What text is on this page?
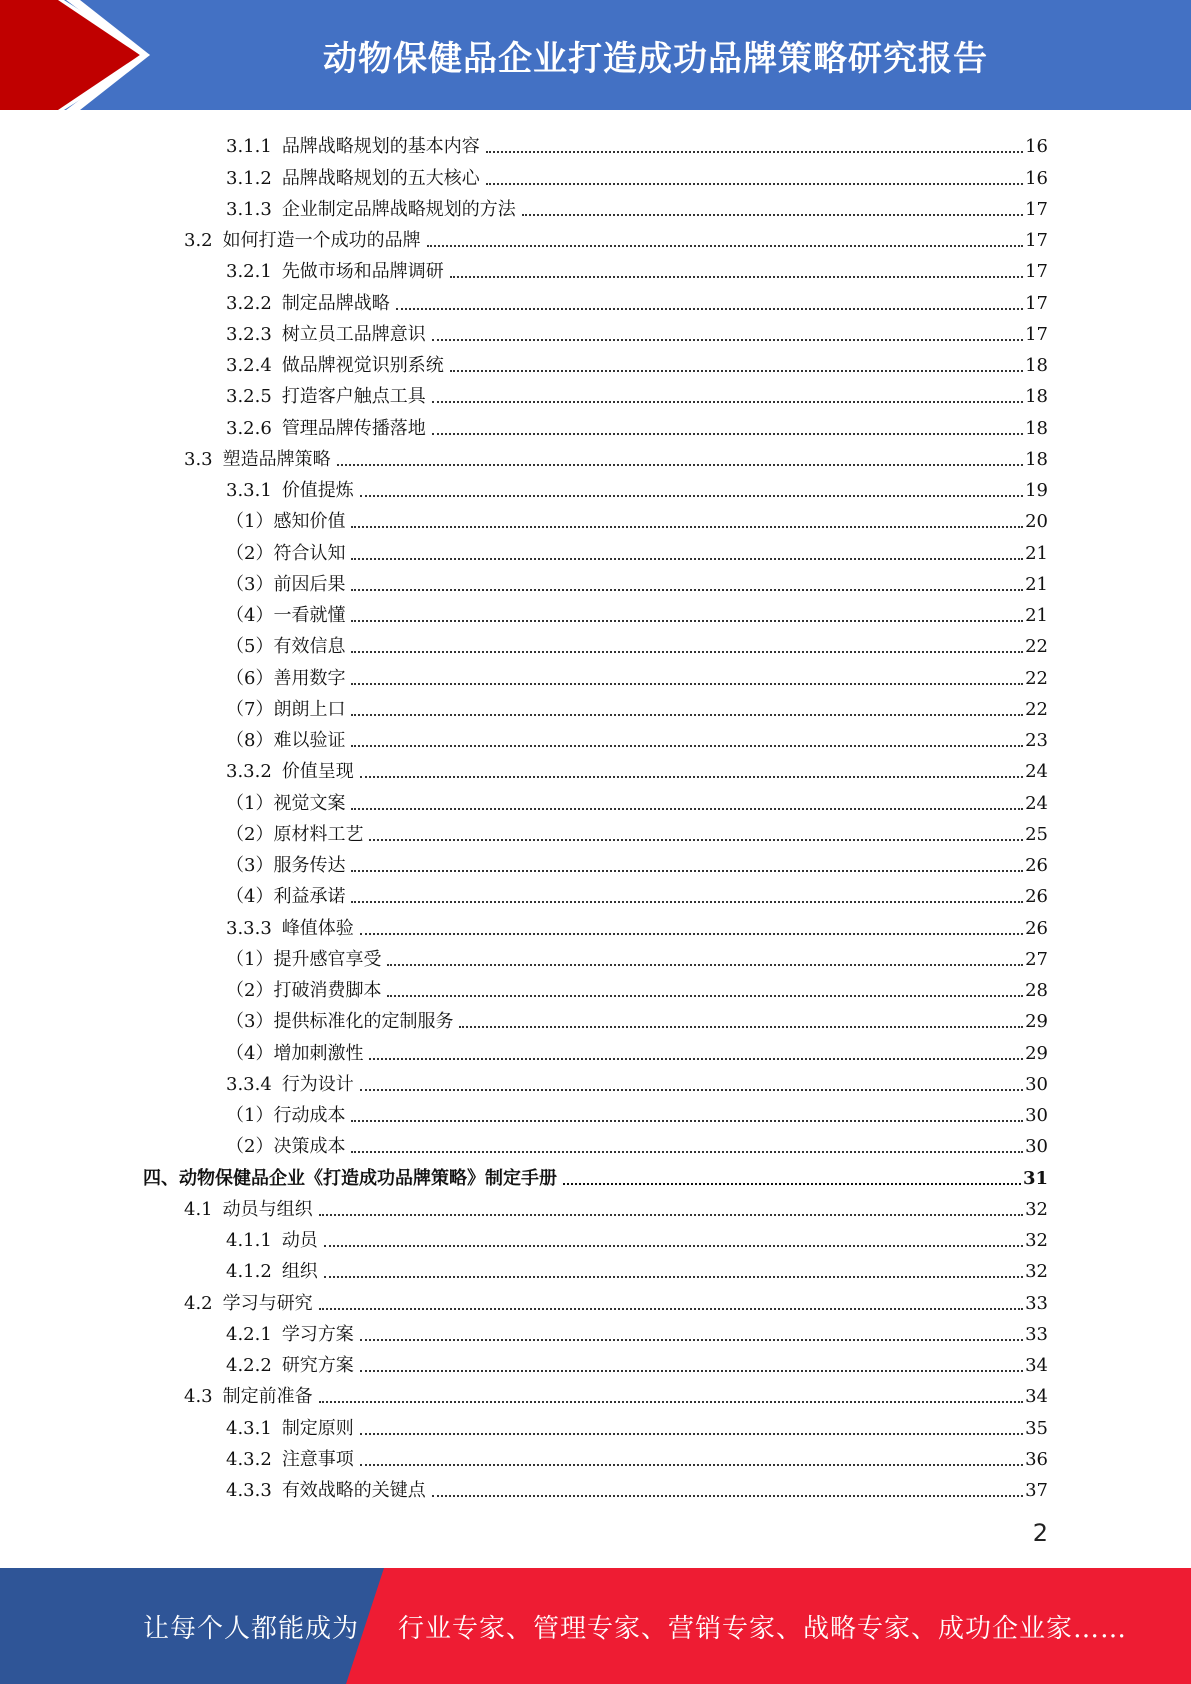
动物保健品企业打造成功品牌策略研究报告
3.1.1 品牌战略规划的基本内容	16
3.1.2 品牌战略规划的五大核心	16
3.1.3 企业制定品牌战略规划的方法	17
3.2 如何打造一个成功的品牌	17
3.2.1 先做市场和品牌调研	17
3.2.2 制定品牌战略	17
3.2.3 树立员工品牌意识	17
3.2.4 做品牌视觉识别系统	18
3.2.5 打造客户触点工具	18
3.2.6 管理品牌传播落地	18
3.3 塑造品牌策略	18
3.3.1 价值提炼	19
（1）感知价值	20
（2）符合认知	21
（3）前因后果	21
（4）一看就懂	21
（5）有效信息	22
（6）善用数字	22
（7）朗朗上口	22
（8）难以验证	23
3.3.2 价值呈现	24
（1）视觉文案	24
（2）原材料工艺	25
（3）服务传达	26
（4）利益承诺	26
3.3.3 峰值体验	26
（1）提升感官享受	27
（2）打破消费脚本	28
（3）提供标准化的定制服务	29
（4）增加刺激性	29
3.3.4 行为设计	30
（1）行动成本	30
（2）决策成本	30
四、动物保健品企业《打造成功品牌策略》制定手册	31
4.1 动员与组织	32
4.1.1 动员	32
4.1.2 组织	32
4.2 学习与研究	33
4.2.1 学习方案	33
4.2.2 研究方案	34
4.3 制定前准备	34
4.3.1 制定原则	35
4.3.2 注意事项	36
4.3.3 有效战略的关键点	37
2
让每个人都能成为 行业专家、管理专家、营销专家、战略专家、成功企业家……
